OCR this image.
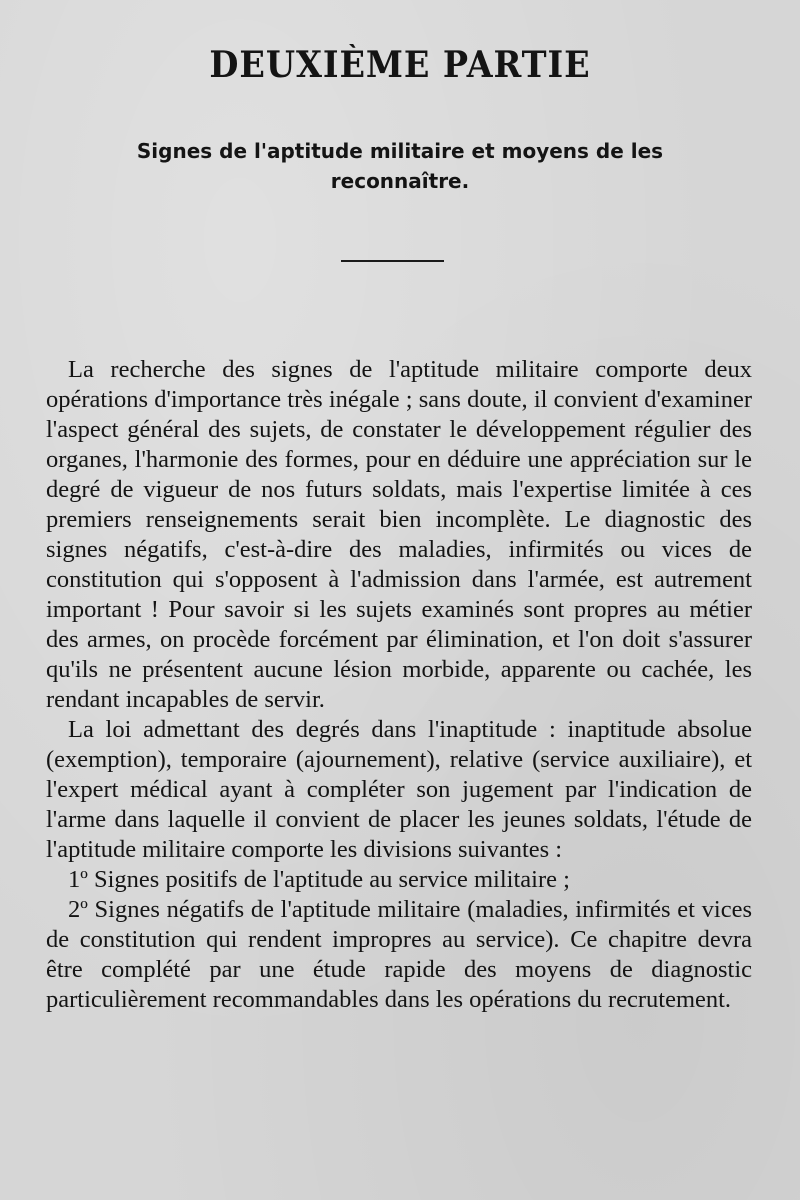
DEUXIÈME PARTIE
Signes de l'aptitude militaire et moyens de les
reconnaître.

La recherche des signes de l'aptitude militaire comporte deux opérations d'importance très inégale ; sans doute, il convient d'examiner l'aspect général des sujets, de constater le développement régulier des organes, l'harmonie des formes, pour en déduire une appréciation sur le degré de vigueur de nos futurs soldats, mais l'expertise limitée à ces premiers renseignements serait bien incomplète. Le diagnostic des signes négatifs, c'est-à-dire des maladies, infirmités ou vices de constitution qui s'opposent à l'admission dans l'armée, est autrement important ! Pour savoir si les sujets examinés sont propres au métier des armes, on procède forcément par élimination, et l'on doit s'assurer qu'ils ne présentent aucune lésion morbide, apparente ou cachée, les rendant incapables de servir.

La loi admettant des degrés dans l'inaptitude : inaptitude absolue (exemption), temporaire (ajournement), relative (service auxiliaire), et l'expert médical ayant à compléter son jugement par l'indication de l'arme dans laquelle il convient de placer les jeunes soldats, l'étude de l'aptitude militaire comporte les divisions suivantes :

1º Signes positifs de l'aptitude au service militaire ;

2º Signes négatifs de l'aptitude militaire (maladies, infirmités et vices de constitution qui rendent impropres au service). Ce chapitre devra être complété par une étude rapide des moyens de diagnostic particulièrement recommandables dans les opérations du recrutement.
